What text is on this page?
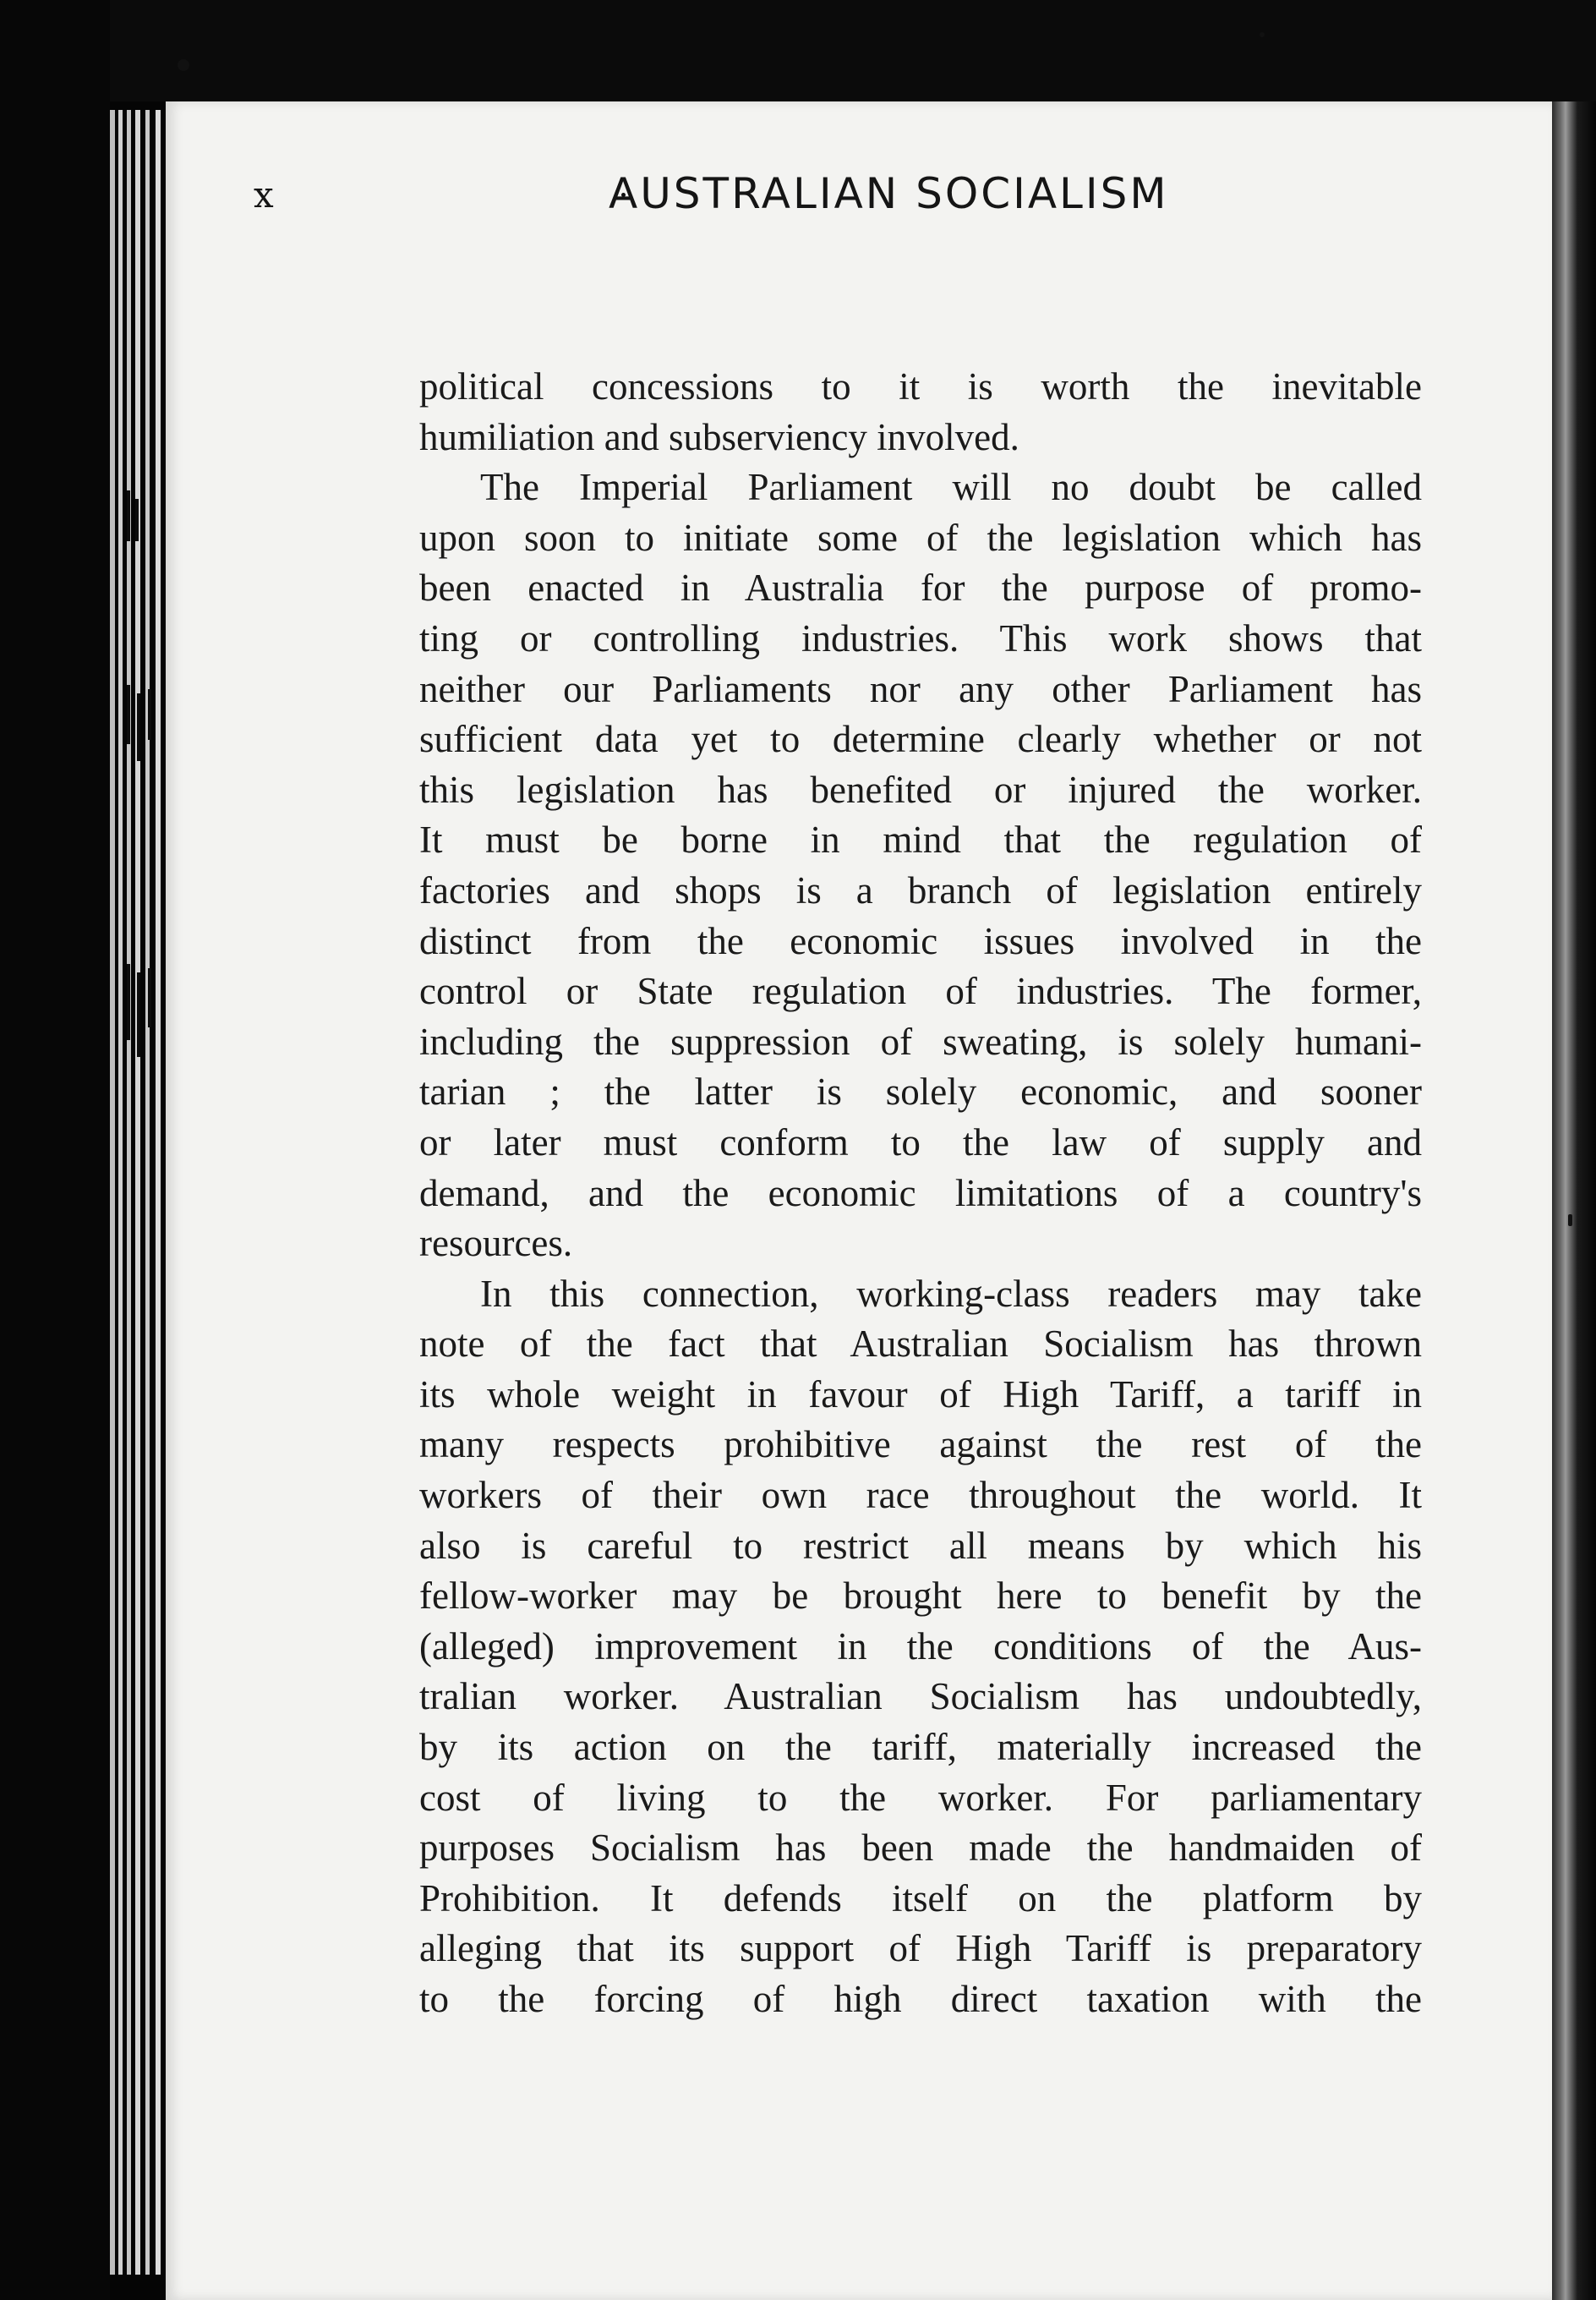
x	AUSTRALIAN SOCIALISM
political concessions to it is worth the inevitable
humiliation and subserviency involved.
The Imperial Parliament will no doubt be called
upon soon to initiate some of the legislation which has
been enacted in Australia for the purpose of promo-
ting or controlling industries. This work shows that
neither our Parliaments nor any other Parliament has
sufficient data yet to determine clearly whether or not
this legislation has benefited or injured the worker.
It must be borne in mind that the regulation of
factories and shops is a branch of legislation entirely
distinct from the economic issues involved in the
control or State regulation of industries. The former,
including the suppression of sweating, is solely humani-
tarian ; the latter is solely economic, and sooner
or later must conform to the law of supply and
demand, and the economic limitations of a country's
resources.
In this connection, working-class readers may take
note of the fact that Australian Socialism has thrown
its whole weight in favour of High Tariff, a tariff in
many respects prohibitive against the rest of the
workers of their own race throughout the world. It
also is careful to restrict all means by which his
fellow-worker may be brought here to benefit by the
(alleged) improvement in the conditions of the Aus-
tralian worker. Australian Socialism has undoubtedly,
by its action on the tariff, materially increased the
cost of living to the worker. For parliamentary
purposes Socialism has been made the handmaiden of
Prohibition. It defends itself on the platform by
alleging that its support of High Tariff is preparatory
to the forcing of high direct taxation with the
